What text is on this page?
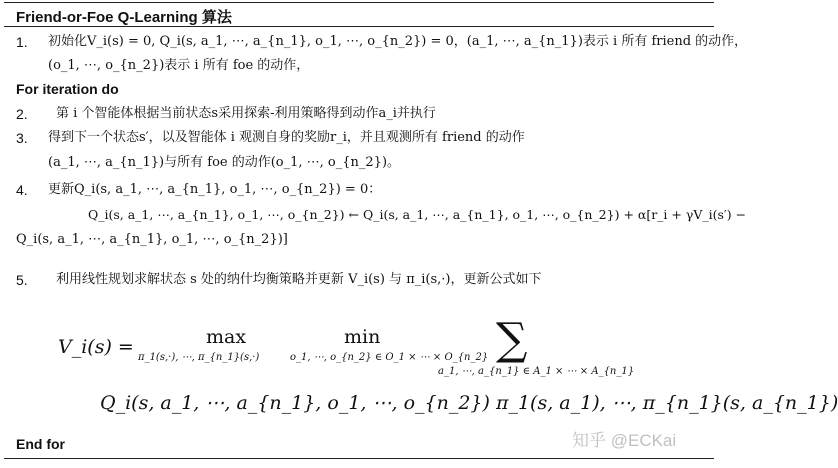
Friend-or-Foe Q-Learning 算法
1. 初始化V_i(s) = 0, Q_i(s, a_1, ⋯, a_{n_1}, o_1, ⋯, o_{n_2}) = 0，(a_1, ⋯, a_{n_1})表示 i 所有 friend 的动作，
(o_1, ⋯, o_{n_2})表示 i 所有 foe 的动作，
For iteration do
2. 第 i 个智能体根据当前状态s采用探索-利用策略得到动作a_i并执行
3. 得到下一个状态s′，以及智能体 i 观测自身的奖励r_i，并且观测所有 friend 的动作
(a_1, ⋯, a_{n_1})与所有 foe 的动作(o_1, ⋯, o_{n_2})。
4. 更新Q_i(s, a_1, ⋯, a_{n_1}, o_1, ⋯, o_{n_2}) = 0：
Q_i(s, a_1, ⋯, a_{n_1}, o_1, ⋯, o_{n_2}) ← Q_i(s, a_1, ⋯, a_{n_1}, o_1, ⋯, o_{n_2}) + α[r_i + γV_i(s′) −
Q_i(s, a_1, ⋯, a_{n_1}, o_1, ⋯, o_{n_2})]
5. 利用线性规划求解状态 s 处的纳什均衡策略并更新 V_i(s) 与 π_i(s,·)，更新公式如下
V_i(s) =	max
π_1(s,·), ⋯, π_{n_1}(s,·)
min
o_1, ⋯, o_{n_2} ∈ O_1 × ⋯ × O_{n_2} ∑
a_1, ⋯, a_{n_1} ∈ A_1 × ⋯ × A_{n_1}
Q_i(s, a_1, ⋯, a_{n_1}, o_1, ⋯, o_{n_2}) π_1(s, a_1), ⋯, π_{n_1}(s, a_{n_1})
End for	知乎 @ECKai
